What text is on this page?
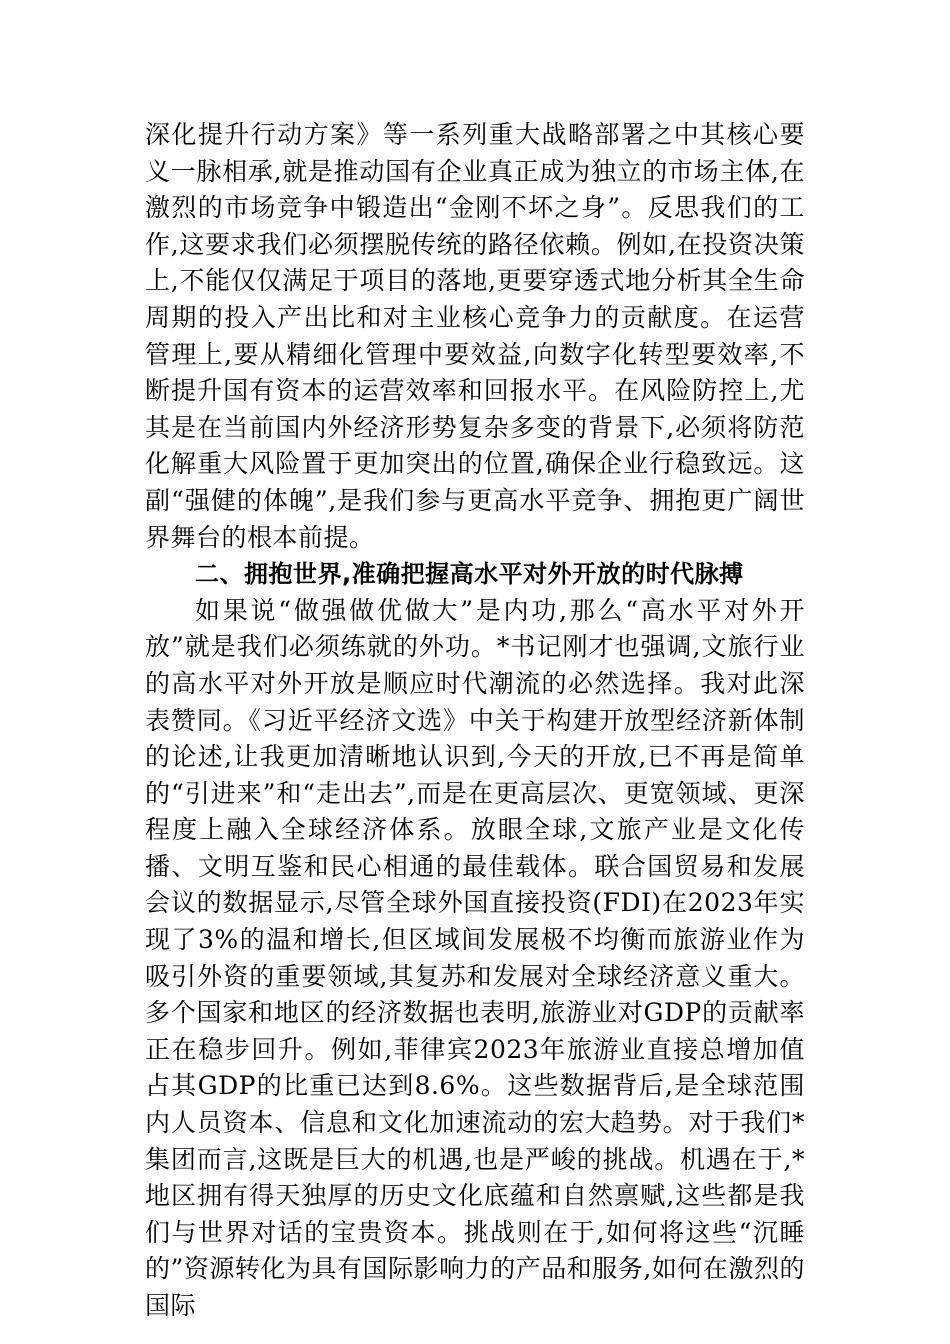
深化提升行动方案》等一系列重大战略部署之中其核心要义一脉相承,就是推动国有企业真正成为独立的市场主体,在激烈的市场竞争中锻造出“金刚不坏之身”。反思我们的工作,这要求我们必须摆脱传统的路径依赖。例如,在投资决策上,不能仅仅满足于项目的落地,更要穿透式地分析其全生命周期的投入产出比和对主业核心竞争力的贡献度。在运营管理上,要从精细化管理中要效益,向数字化转型要效率,不断提升国有资本的运营效率和回报水平。在风险防控上,尤其是在当前国内外经济形势复杂多变的背景下,必须将防范化解重大风险置于更加突出的位置,确保企业行稳致远。这副“强健的体魄”,是我们参与更高水平竞争、拥抱更广阔世界舞台的根本前提。

二、拥抱世界,准确把握高水平对外开放的时代脉搏

如果说“做强做优做大”是内功,那么“高水平对外开放”就是我们必须练就的外功。*书记刚才也强调,文旅行业的高水平对外开放是顺应时代潮流的必然选择。我对此深表赞同。《习近平经济文选》中关于构建开放型经济新体制的论述,让我更加清晰地认识到,今天的开放,已不再是简单的“引进来”和“走出去”,而是在更高层次、更宽领域、更深程度上融入全球经济体系。放眼全球,文旅产业是文化传播、文明互鉴和民心相通的最佳载体。联合国贸易和发展会议的数据显示,尽管全球外国直接投资(FDI)在2023年实现了3%的温和增长,但区域间发展极不均衡而旅游业作为吸引外资的重要领域,其复苏和发展对全球经济意义重大。多个国家和地区的经济数据也表明,旅游业对GDP的贡献率正在稳步回升。例如,菲律宾2023年旅游业直接总增加值占其GDP的比重已达到8.6%。这些数据背后,是全球范围内人员资本、信息和文化加速流动的宏大趋势。对于我们*集团而言,这既是巨大的机遇,也是严峻的挑战。机遇在于,*地区拥有得天独厚的历史文化底蕴和自然禀赋,这些都是我们与世界对话的宝贵资本。挑战则在于,如何将这些“沉睡的”资源转化为具有国际影响力的产品和服务,如何在激烈的国际
